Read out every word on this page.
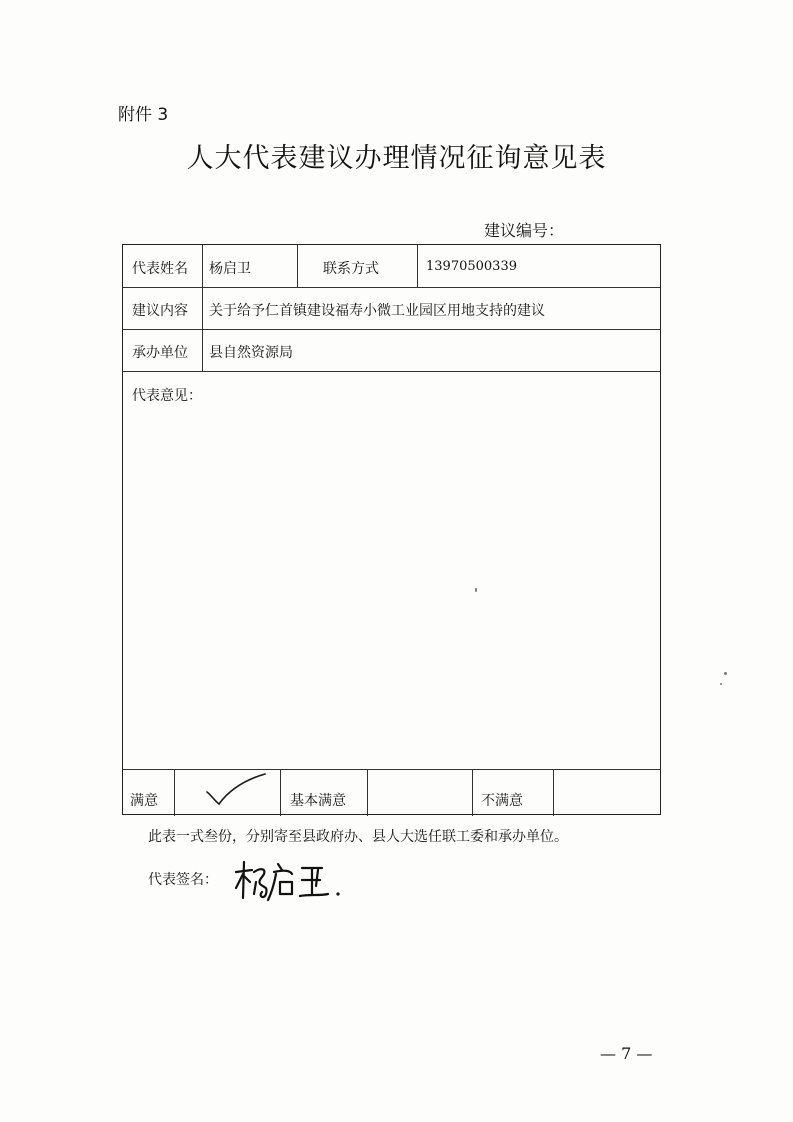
附件 3
人大代表建议办理情况征询意见表
建议编号：
代表姓名 杨启卫	联系方式	13970500339
建议内容 关于给予仁首镇建设福寿小微工业园区用地支持的建议
承办单位 县自然资源局
代表意见：
满意	基本满意	不满意
此表一式叁份，分别寄至县政府办、县人大选任联工委和承办单位。
代表签名：
— 7 —
